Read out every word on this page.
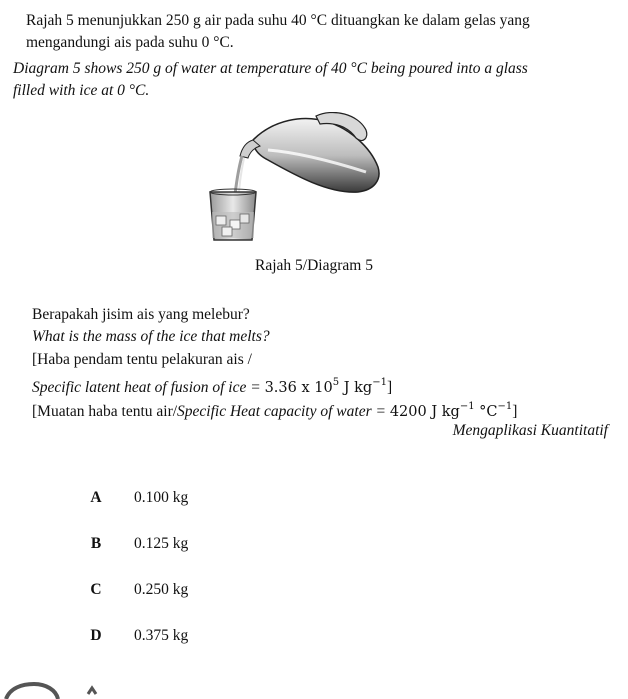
Rajah 5 menunjukkan 250 g air pada suhu 40 °C dituangkan ke dalam gelas yang
mengandungi ais pada suhu 0 °C.
Diagram 5 shows 250 g of water at temperature of 40 °C being poured into a glass
filled with ice at 0 °C.
Rajah 5/Diagram 5
Berapakah jisim ais yang melebur?
What is the mass of the ice that melts?
[Haba pendam tentu pelakuran ais /
Specific latent heat of fusion of ice = 3.36 x $10^5$ J $kg^{-1}$]
[Muatan haba tentu air/Specific Heat capacity of water = 4200 J $kg^{-1}$ $^\circ C^{-1}$]
Mengaplikasi Kuantitatif
A 0.100 kg
B	0.125 kg
C 0.250 kg
D 0.375 kg
